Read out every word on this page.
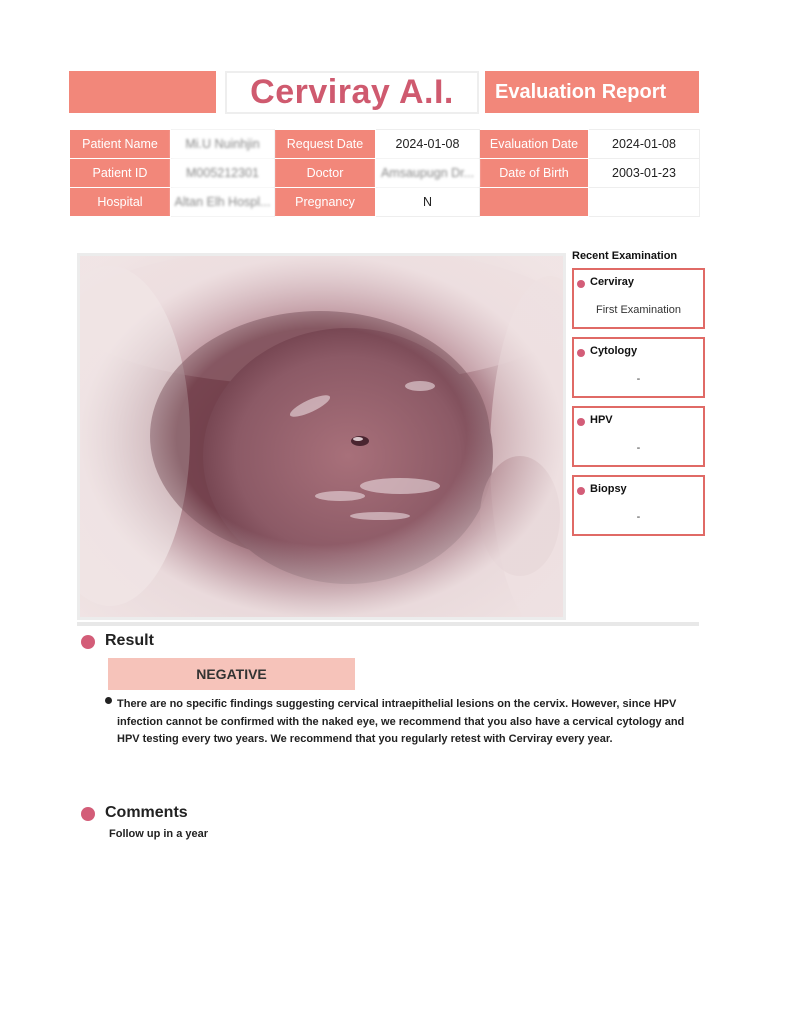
Cerviray A.I. Evaluation Report
Patient Name	Mi.U Nuinhjin	Request Date	2024-01-08	Evaluation Date	2024-01-08
Patient ID	M005212301	Doctor	Amsaupugn Dr...	Date of Birth	2003-01-23
Hospital	Altan Elh Hospl...	Pregnancy	N		
Recent Examination
Cerviray
First Examination
Cytology
-
HPV
-
Biopsy
-
Result
NEGATIVE
There are no specific findings suggesting cervical intraepithelial lesions on the cervix. However, since HPV infection cannot be confirmed with the naked eye, we recommend that you also have a cervical cytology and HPV testing every two years. We recommend that you regularly retest with Cerviray every year.
Comments
Follow up in a year
